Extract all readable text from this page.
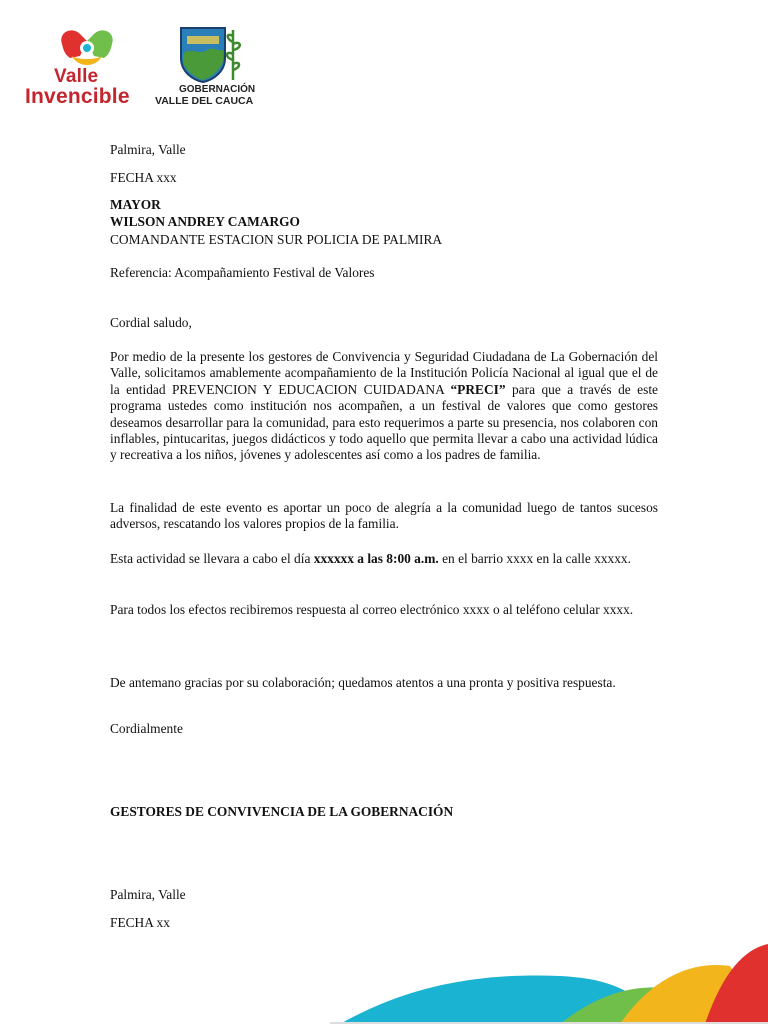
Valle
Invencible	GOBERNACIÓN
VALLE DEL CAUCA
Palmira, Valle
FECHA xxx
MAYOR
WILSON ANDREY CAMARGO
COMANDANTE ESTACION SUR POLICIA DE PALMIRA
Referencia: Acompañamiento Festival de Valores
Cordial saludo,
Por medio de la presente los gestores de Convivencia y Seguridad Ciudadana de La Gobernación del Valle, solicitamos amablemente acompañamiento de la Institución Policía Nacional al igual que el de la entidad PREVENCION Y EDUCACION CUIDADANA “PRECI” para que a través de este programa ustedes como institución nos acompañen, a un festival de valores que como gestores deseamos desarrollar para la comunidad, para esto requerimos a parte su presencia, nos colaboren con inflables, pintucaritas, juegos didácticos y todo aquello que permita llevar a cabo una actividad lúdica y recreativa a los niños, jóvenes y adolescentes así como a los padres de familia.
La finalidad de este evento es aportar un poco de alegría a la comunidad luego de tantos sucesos adversos, rescatando los valores propios de la familia.
Esta actividad se llevara a cabo el día xxxxxx a las 8:00 a.m. en el barrio xxxx en la calle xxxxx.
Para todos los efectos recibiremos respuesta al correo electrónico xxxx o al teléfono celular xxxx.
De antemano gracias por su colaboración; quedamos atentos a una pronta y positiva respuesta.
Cordialmente
GESTORES DE CONVIVENCIA DE LA GOBERNACIÓN
Palmira, Valle
FECHA xx
